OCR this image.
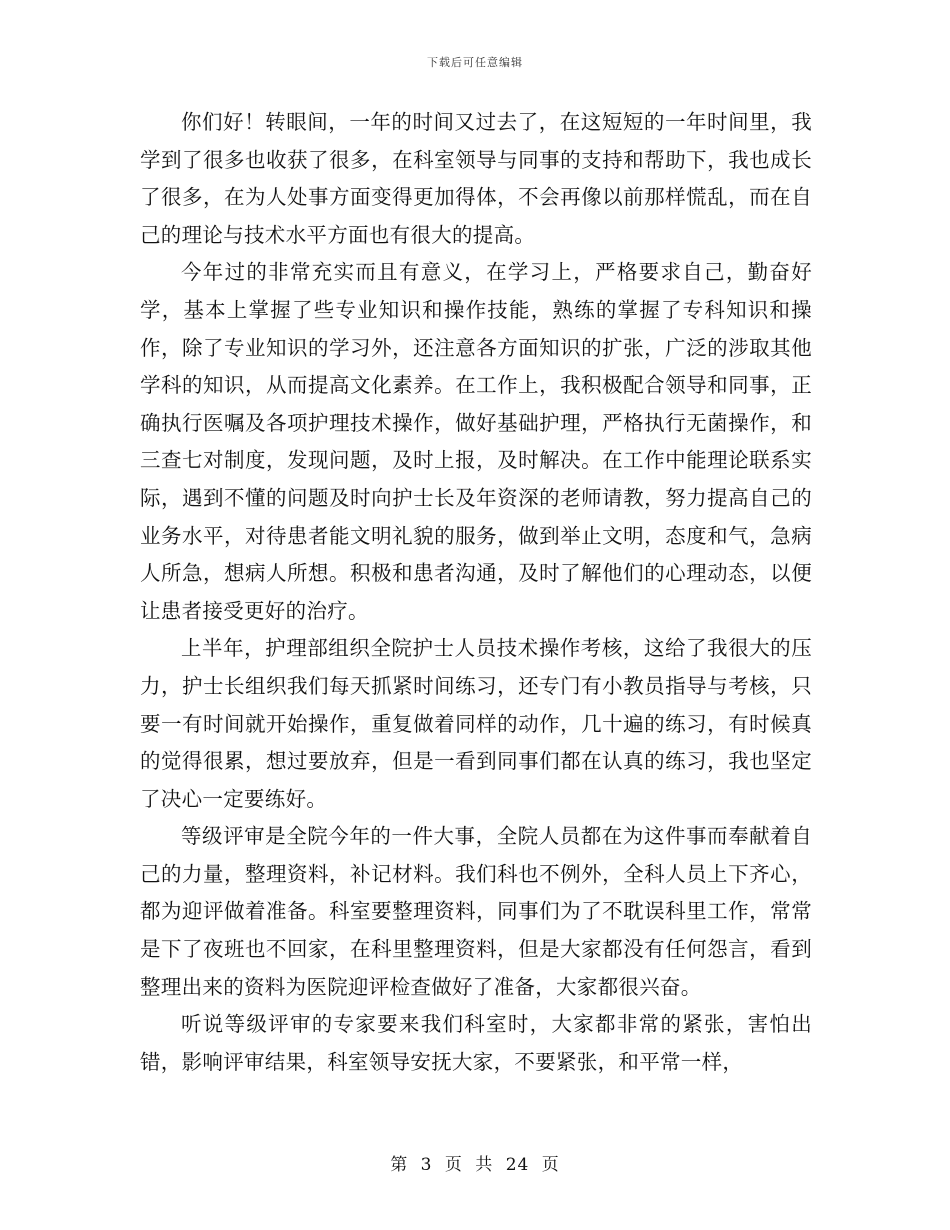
下载后可任意编辑

你们好！转眼间，一年的时间又过去了，在这短短的一年时间里，我学到了很多也收获了很多，在科室领导与同事的支持和帮助下，我也成长了很多，在为人处事方面变得更加得体，不会再像以前那样慌乱，而在自己的理论与技术水平方面也有很大的提高。

今年过的非常充实而且有意义，在学习上，严格要求自己，勤奋好学，基本上掌握了些专业知识和操作技能，熟练的掌握了专科知识和操作，除了专业知识的学习外，还注意各方面知识的扩张，广泛的涉取其他学科的知识，从而提高文化素养。在工作上，我积极配合领导和同事，正确执行医嘱及各项护理技术操作，做好基础护理，严格执行无菌操作，和三查七对制度，发现问题，及时上报，及时解决。在工作中能理论联系实际，遇到不懂的问题及时向护士长及年资深的老师请教，努力提高自己的业务水平，对待患者能文明礼貌的服务，做到举止文明，态度和气，急病人所急，想病人所想。积极和患者沟通，及时了解他们的心理动态，以便让患者接受更好的治疗。

上半年，护理部组织全院护士人员技术操作考核，这给了我很大的压力，护士长组织我们每天抓紧时间练习，还专门有小教员指导与考核，只要一有时间就开始操作，重复做着同样的动作，几十遍的练习，有时候真的觉得很累，想过要放弃，但是一看到同事们都在认真的练习，我也坚定了决心一定要练好。

等级评审是全院今年的一件大事，全院人员都在为这件事而奉献着自己的力量，整理资料，补记材料。我们科也不例外，全科人员上下齐心，都为迎评做着准备。科室要整理资料，同事们为了不耽误科里工作，常常是下了夜班也不回家，在科里整理资料，但是大家都没有任何怨言，看到整理出来的资料为医院迎评检查做好了准备，大家都很兴奋。

听说等级评审的专家要来我们科室时，大家都非常的紧张，害怕出错，影响评审结果，科室领导安抚大家，不要紧张，和平常一样，

第 3 页 共 24 页
